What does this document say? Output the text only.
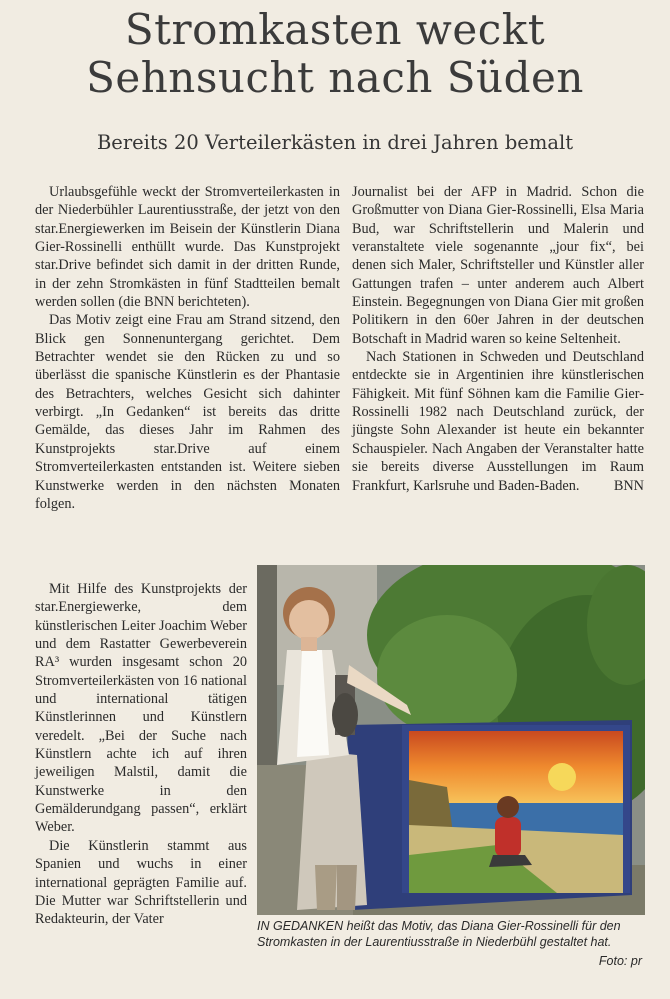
Stromkasten weckt
Sehnsucht nach Süden
Bereits 20 Verteilerkästen in drei Jahren bemalt

Urlaubsgefühle weckt der Stromverteilerkasten in der Niederbühler Laurentiusstraße, der jetzt von den star.Energiewerken im Beisein der Künstlerin Diana Gier-Rossinelli enthüllt wurde. Das Kunstprojekt star.Drive befindet sich damit in der dritten Runde, in der zehn Stromkästen in fünf Stadtteilen bemalt werden sollen (die BNN berichteten).

Das Motiv zeigt eine Frau am Strand sitzend, den Blick gen Sonnenuntergang gerichtet. Dem Betrachter wendet sie den Rücken zu und so überlässt die spanische Künstlerin es der Phantasie des Betrachters, welches Gesicht sich dahinter verbirgt. „In Gedanken“ ist bereits das dritte Gemälde, das dieses Jahr im Rahmen des Kunstprojekts star.Drive auf einem Stromverteilerkasten entstanden ist. Weitere sieben Kunstwerke werden in den nächsten Monaten folgen.

Mit Hilfe des Kunstprojekts der star.Energiewerke, dem künstlerischen Leiter Joachim Weber und dem Rastatter Gewerbeverein RA³ wurden insgesamt schon 20 Stromverteilerkästen von 16 national und international tätigen Künstlerinnen und Künstlern veredelt. „Bei der Suche nach Künstlern achte ich auf ihren jeweiligen Malstil, damit die Kunstwerke in den Gemälderundgang passen“, erklärt Weber.

Die Künstlerin stammt aus Spanien und wuchs in einer international geprägten Familie auf. Die Mutter war Schriftstellerin und Redakteurin, der Vater

Journalist bei der AFP in Madrid. Schon die Großmutter von Diana Gier-Rossinelli, Elsa Maria Bud, war Schriftstellerin und Malerin und veranstaltete viele sogenannte „jour fix“, bei denen sich Maler, Schriftsteller und Künstler aller Gattungen trafen – unter anderem auch Albert Einstein. Begegnungen von Diana Gier mit großen Politikern in den 60er Jahren in der deutschen Botschaft in Madrid waren so keine Seltenheit.

Nach Stationen in Schweden und Deutschland entdeckte sie in Argentinien ihre künstlerischen Fähigkeit. Mit fünf Söhnen kam die Familie Gier-Rossinelli 1982 nach Deutschland zurück, der jüngste Sohn Alexander ist heute ein bekannter Schauspieler. Nach Angaben der Veranstalter hatte sie bereits diverse Ausstellungen im Raum Frankfurt, Karlsruhe und Baden-Baden. BNN

IN GEDANKEN heißt das Motiv, das Diana Gier-Rossinelli für den Stromkasten in der Laurentiusstraße in Niederbühl gestaltet hat.
Foto: pr
